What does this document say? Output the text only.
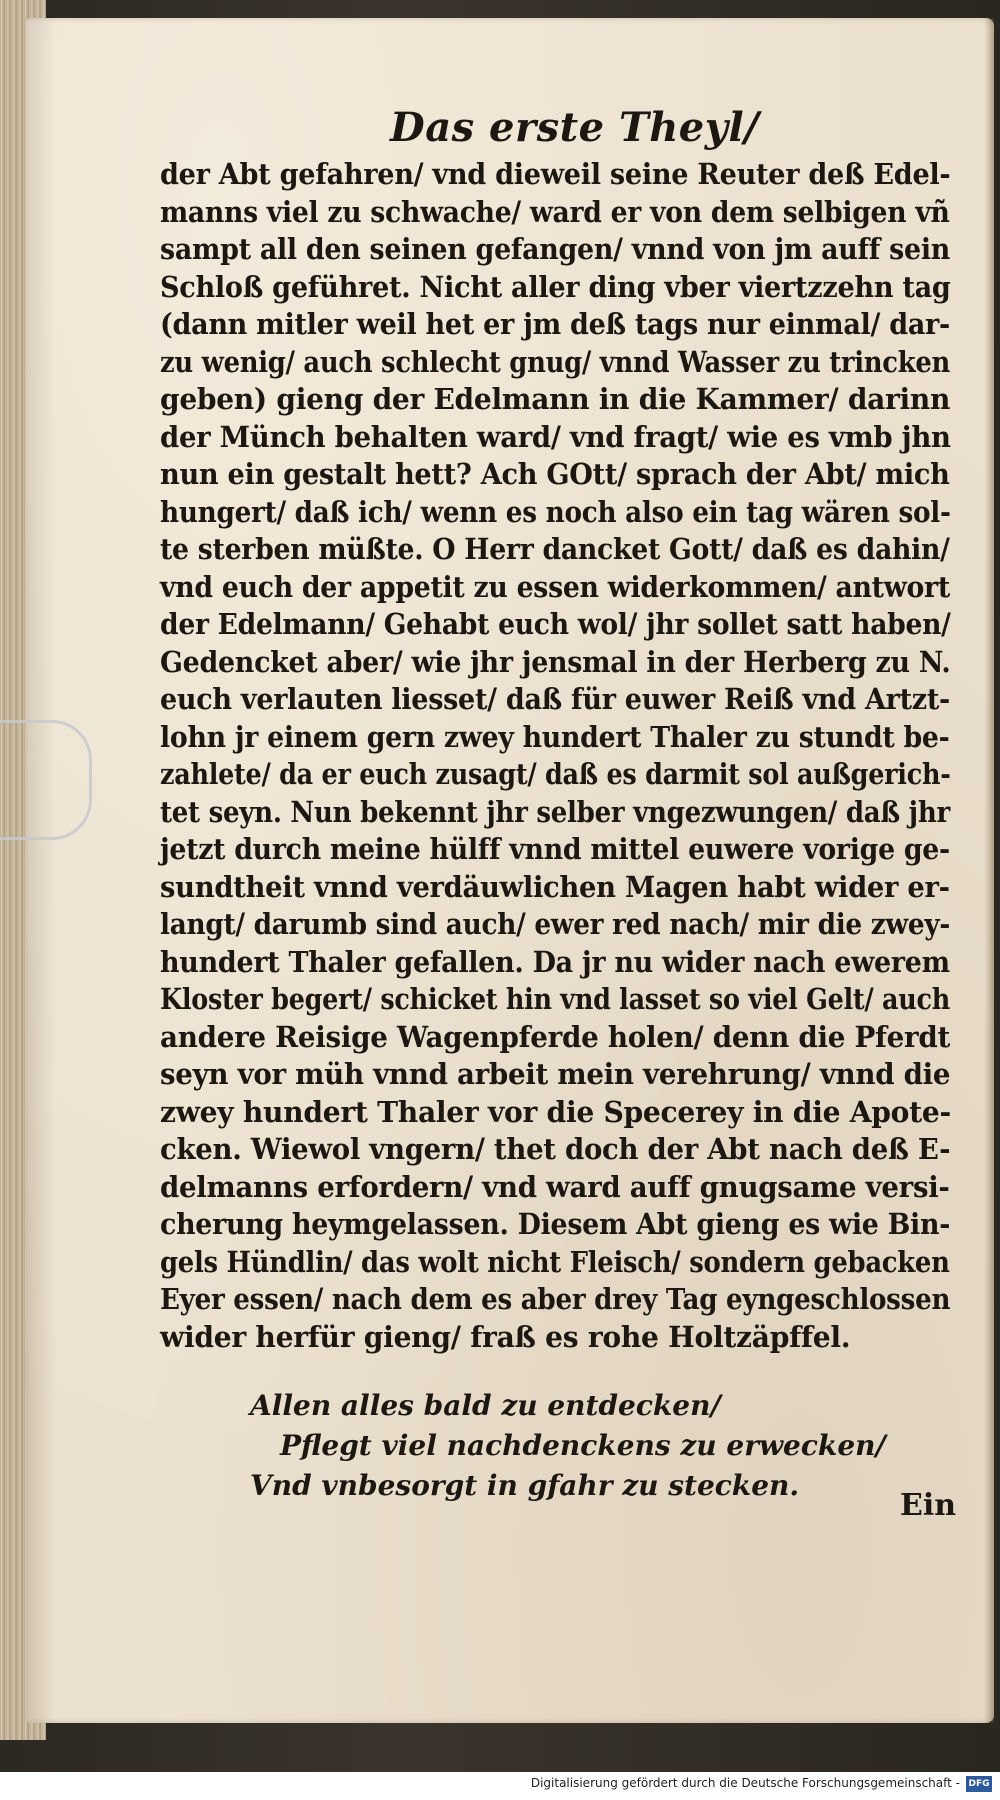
Das erste Theyl/
der Abt gefahren/ vnd dieweil seine Reuter deß Edel-
manns viel zu schwache/ ward er von dem selbigen vñ
sampt all den seinen gefangen/ vnnd von jm auff sein
Schloß geführet. Nicht aller ding vber viertzzehn tag
(dann mitler weil het er jm deß tags nur einmal/ dar-
zu wenig/ auch schlecht gnug/ vnnd Wasser zu trincken
geben) gieng der Edelmann in die Kammer/ darinn
der Münch behalten ward/ vnd fragt/ wie es vmb jhn
nun ein gestalt hett? Ach GOtt/ sprach der Abt/ mich
hungert/ daß ich/ wenn es noch also ein tag wären sol-
te sterben müßte. O Herr dancket Gott/ daß es dahin/
vnd euch der appetit zu essen widerkommen/ antwort
der Edelmann/ Gehabt euch wol/ jhr sollet satt haben/
Gedencket aber/ wie jhr jensmal in der Herberg zu N.
euch verlauten liesset/ daß für euwer Reiß vnd Artzt-
lohn jr einem gern zwey hundert Thaler zu stundt be-
zahlete/ da er euch zusagt/ daß es darmit sol außgerich-
tet seyn. Nun bekennt jhr selber vngezwungen/ daß jhr
jetzt durch meine hülff vnnd mittel euwere vorige ge-
sundtheit vnnd verdäuwlichen Magen habt wider er-
langt/ darumb sind auch/ ewer red nach/ mir die zwey-
hundert Thaler gefallen. Da jr nu wider nach ewerem
Kloster begert/ schicket hin vnd lasset so viel Gelt/ auch
andere Reisige Wagenpferde holen/ denn die Pferdt
seyn vor müh vnnd arbeit mein verehrung/ vnnd die
zwey hundert Thaler vor die Specerey in die Apote-
cken. Wiewol vngern/ thet doch der Abt nach deß E-
delmanns erfordern/ vnd ward auff gnugsame versi-
cherung heymgelassen. Diesem Abt gieng es wie Bin-
gels Hündlin/ das wolt nicht Fleisch/ sondern gebacken
Eyer essen/ nach dem es aber drey Tag eyngeschlossen
wider herfür gieng/ fraß es rohe Holtzäpffel.
Allen alles bald zu entdecken/
Pflegt viel nachdenckens zu erwecken/
Vnd vnbesorgt in gfahr zu stecken.
Ein
Digitalisierung gefördert durch die Deutsche Forschungsgemeinschaft - DFG
